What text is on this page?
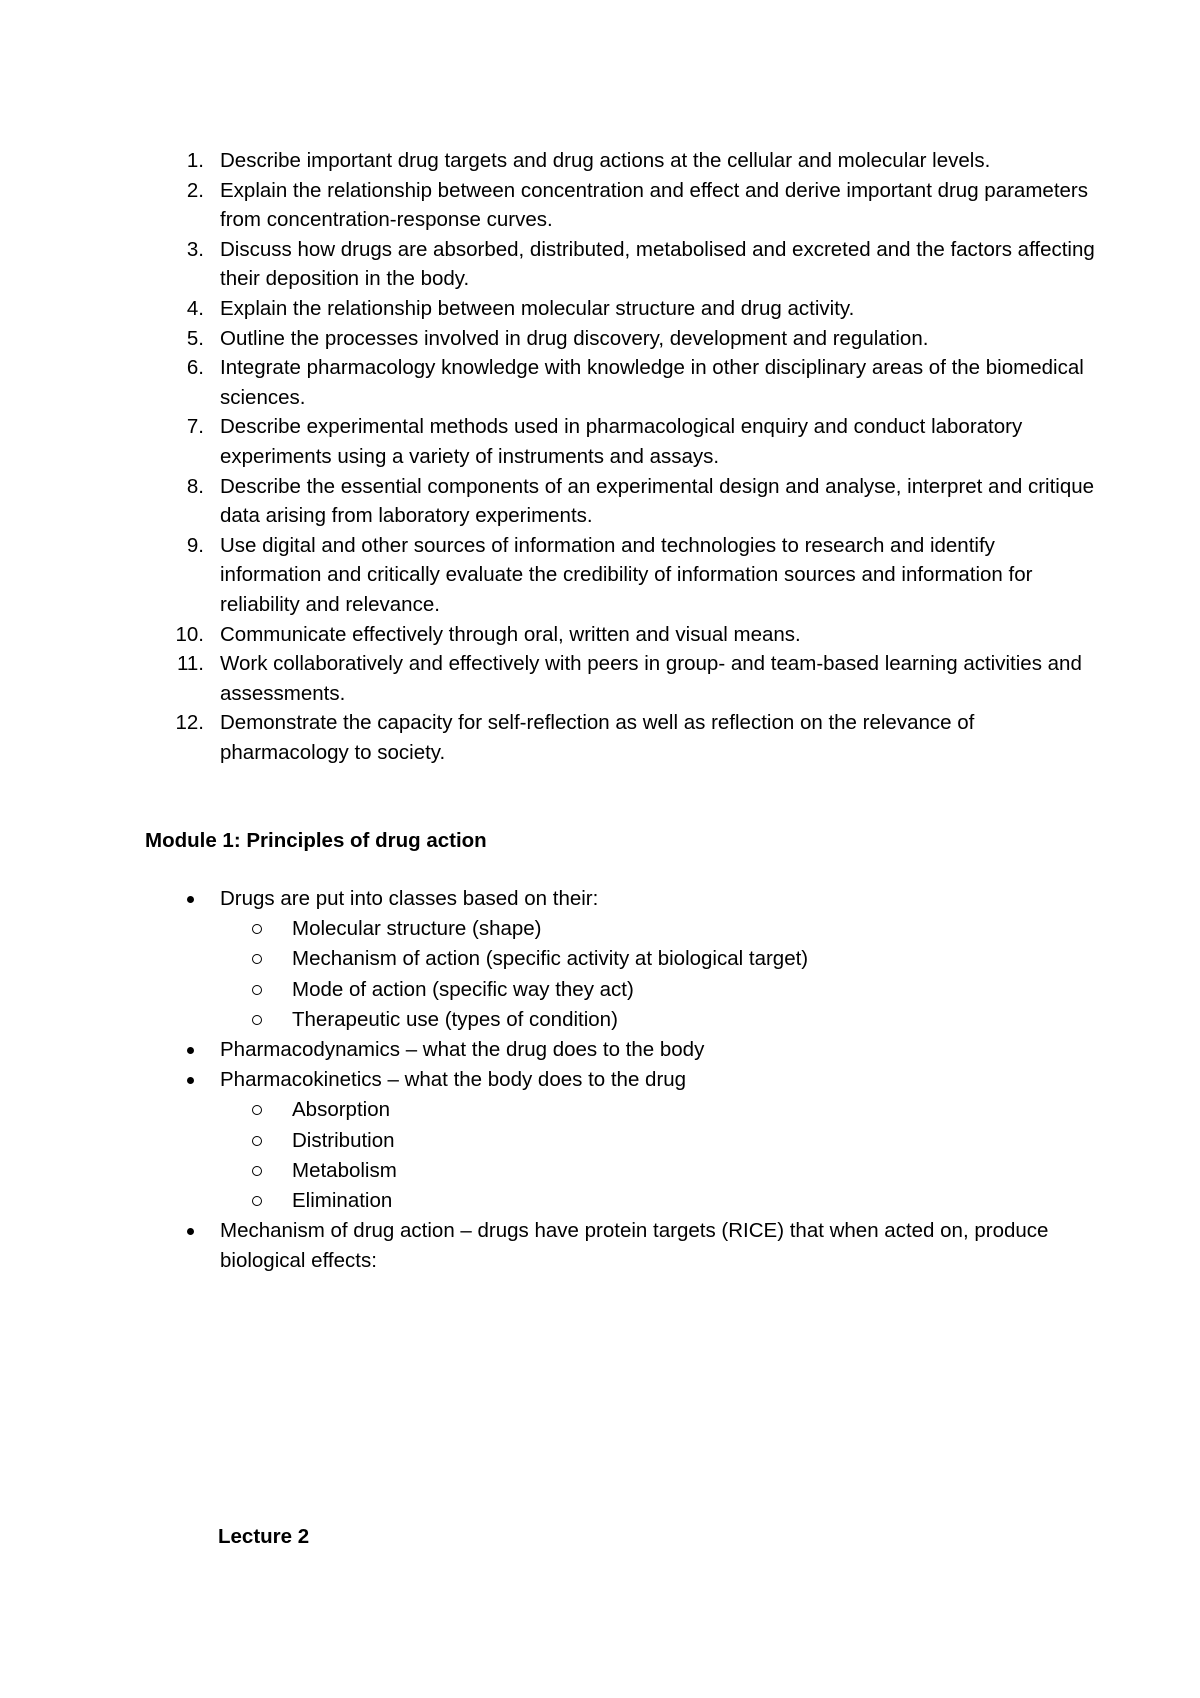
1 . Describe important drug targets and drug actions at the cellular and molecular levels.
2 . Explain the relationship between concentration and effect and derive important drug parameters from concentration-response curves.
3 . Discuss how drugs are absorbed, distributed, metabolised and excreted and the factors affecting their deposition in the body.
4 . Explain the relationship between molecular structure and drug activity.
5 . Outline the processes involved in drug discovery, development and regulation.
6 . Integrate pharmacology knowledge with knowledge in other disciplinary areas of the biomedical sciences.
7 . Describe experimental methods used in pharmacological enquiry and conduct laboratory experiments using a variety of instruments and assays.
8 . Describe the essential components of an experimental design and analyse, interpret and critique data arising from laboratory experiments.
9 . Use digital and other sources of information and technologies to research and identify information and critically evaluate the credibility of information sources and information for reliability and relevance.
10 . Communicate effectively through oral, written and visual means.
11 . Work collaboratively and effectively with peers in group- and team-based learning activities and assessments.
12 . Demonstrate the capacity for self-reflection as well as reflection on the relevance of pharmacology to society.
Module 1: Principles of drug action
Drugs are put into classes based on their:
Molecular structure (shape)
Mechanism of action (specific activity at biological target)
Mode of action (specific way they act)
Therapeutic use (types of condition)
Pharmacodynamics – what the drug does to the body
Pharmacokinetics – what the body does to the drug
Absorption
Distribution
Metabolism
Elimination
Mechanism of drug action – drugs have protein targets (RICE) that when acted on, produce biological effects:
Lecture 2
